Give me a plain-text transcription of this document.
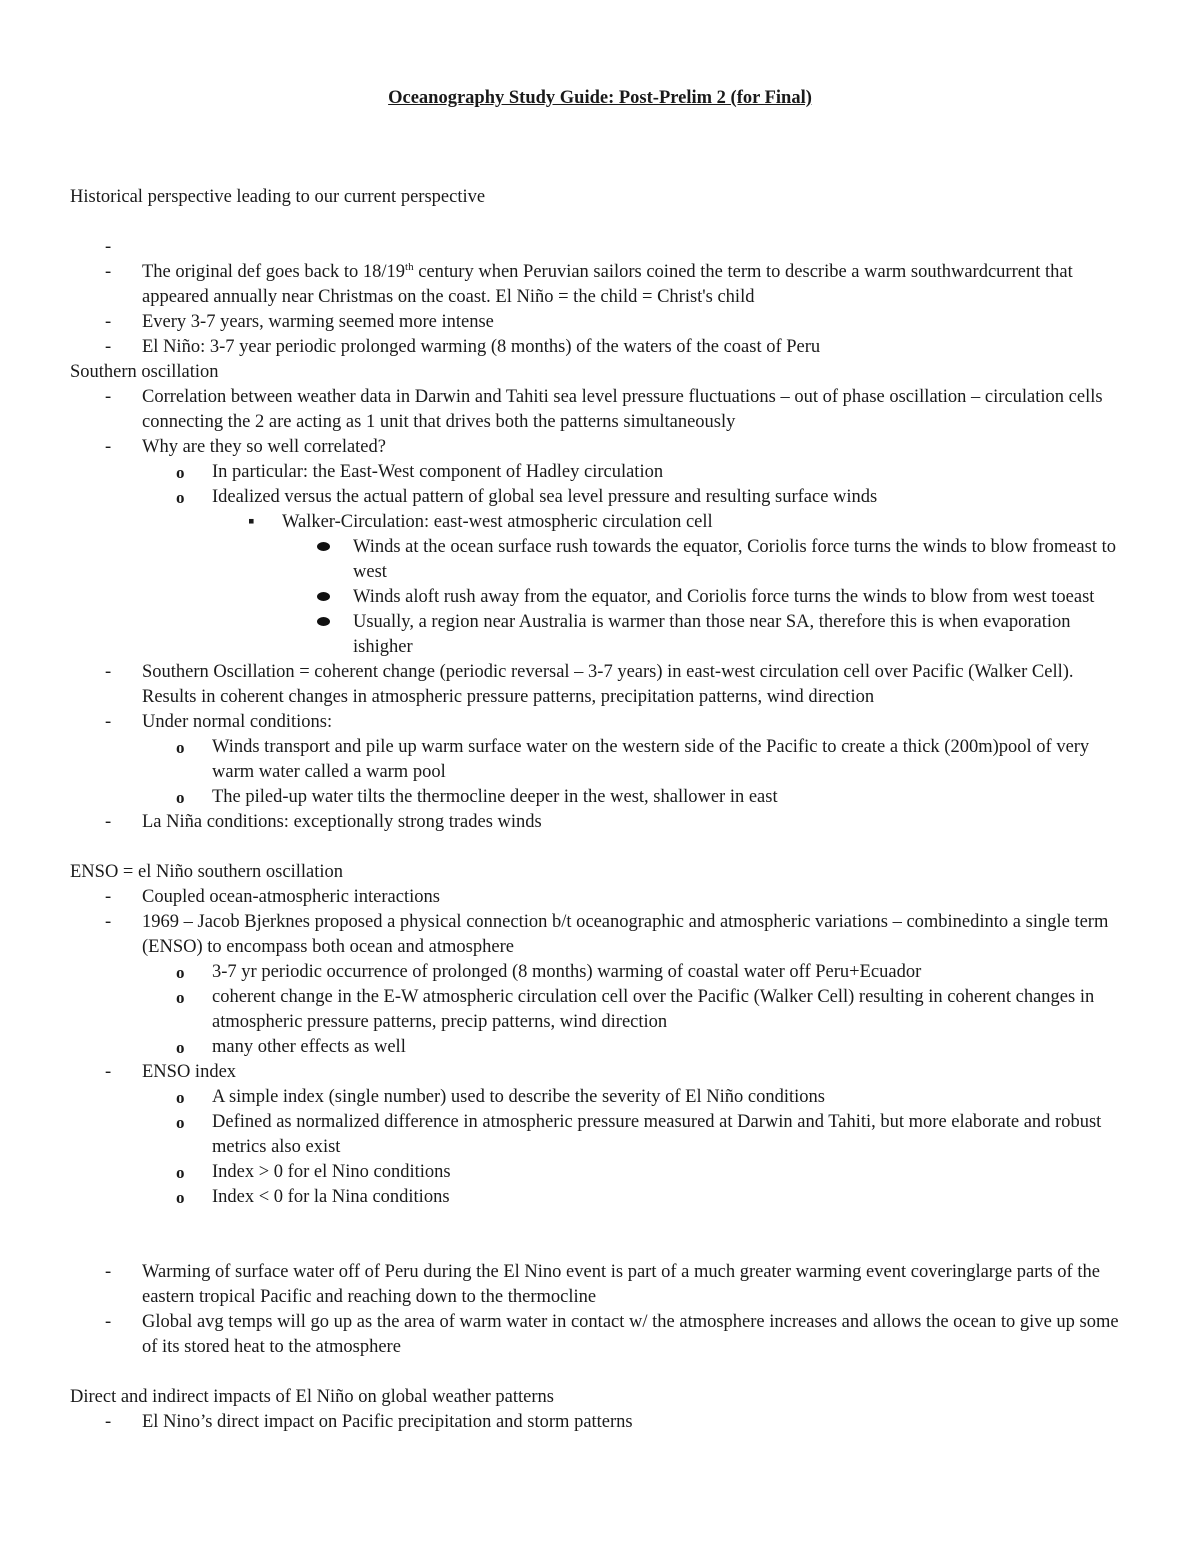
Oceanography Study Guide: Post-Prelim 2 (for Final)

Historical perspective leading to our current perspective

-

- The original def goes back to 18/19th century when Peruvian sailors coined the term to describe a warm southwardcurrent that appeared annually near Christmas on the coast. El Niño = the child = Christ's child
- Every 3-7 years, warming seemed more intense
- El Niño: 3-7 year periodic prolonged warming (8 months) of the waters of the coast of Peru

Southern oscillation

- Correlation between weather data in Darwin and Tahiti sea level pressure fluctuations – out of phase oscillation – circulation cells connecting the 2 are acting as 1 unit that drives both the patterns simultaneously
- Why are they so well correlated?
o In particular: the East-West component of Hadley circulation
o Idealized versus the actual pattern of global sea level pressure and resulting surface winds
▪ Walker-Circulation: east-west atmospheric circulation cell
Winds at the ocean surface rush towards the equator, Coriolis force turns the winds to blow fromeast to west
Winds aloft rush away from the equator, and Coriolis force turns the winds to blow from west toeast
Usually, a region near Australia is warmer than those near SA, therefore this is when evaporation ishigher
- Southern Oscillation = coherent change (periodic reversal – 3-7 years) in east-west circulation cell over Pacific (Walker Cell). Results in coherent changes in atmospheric pressure patterns, precipitation patterns, wind direction
- Under normal conditions:
o Winds transport and pile up warm surface water on the western side of the Pacific to create a thick (200m)pool of very warm water called a warm pool
o The piled-up water tilts the thermocline deeper in the west, shallower in east
- La Niña conditions: exceptionally strong trades winds

ENSO = el Niño southern oscillation

- Coupled ocean-atmospheric interactions
- 1969 – Jacob Bjerknes proposed a physical connection b/t oceanographic and atmospheric variations – combinedinto a single term (ENSO) to encompass both ocean and atmosphere
o 3-7 yr periodic occurrence of prolonged (8 months) warming of coastal water off Peru+Ecuador
o coherent change in the E-W atmospheric circulation cell over the Pacific (Walker Cell) resulting in coherent changes in atmospheric pressure patterns, precip patterns, wind direction
o many other effects as well
- ENSO index
o A simple index (single number) used to describe the severity of El Niño conditions
o Defined as normalized difference in atmospheric pressure measured at Darwin and Tahiti, but more elaborate and robust metrics also exist
o Index > 0 for el Nino conditions
o Index < 0 for la Nina conditions
- Warming of surface water off of Peru during the El Nino event is part of a much greater warming event coveringlarge parts of the eastern tropical Pacific and reaching down to the thermocline
- Global avg temps will go up as the area of warm water in contact w/ the atmosphere increases and allows the ocean to give up some of its stored heat to the atmosphere

Direct and indirect impacts of El Niño on global weather patterns

- El Nino’s direct impact on Pacific precipitation and storm patterns
